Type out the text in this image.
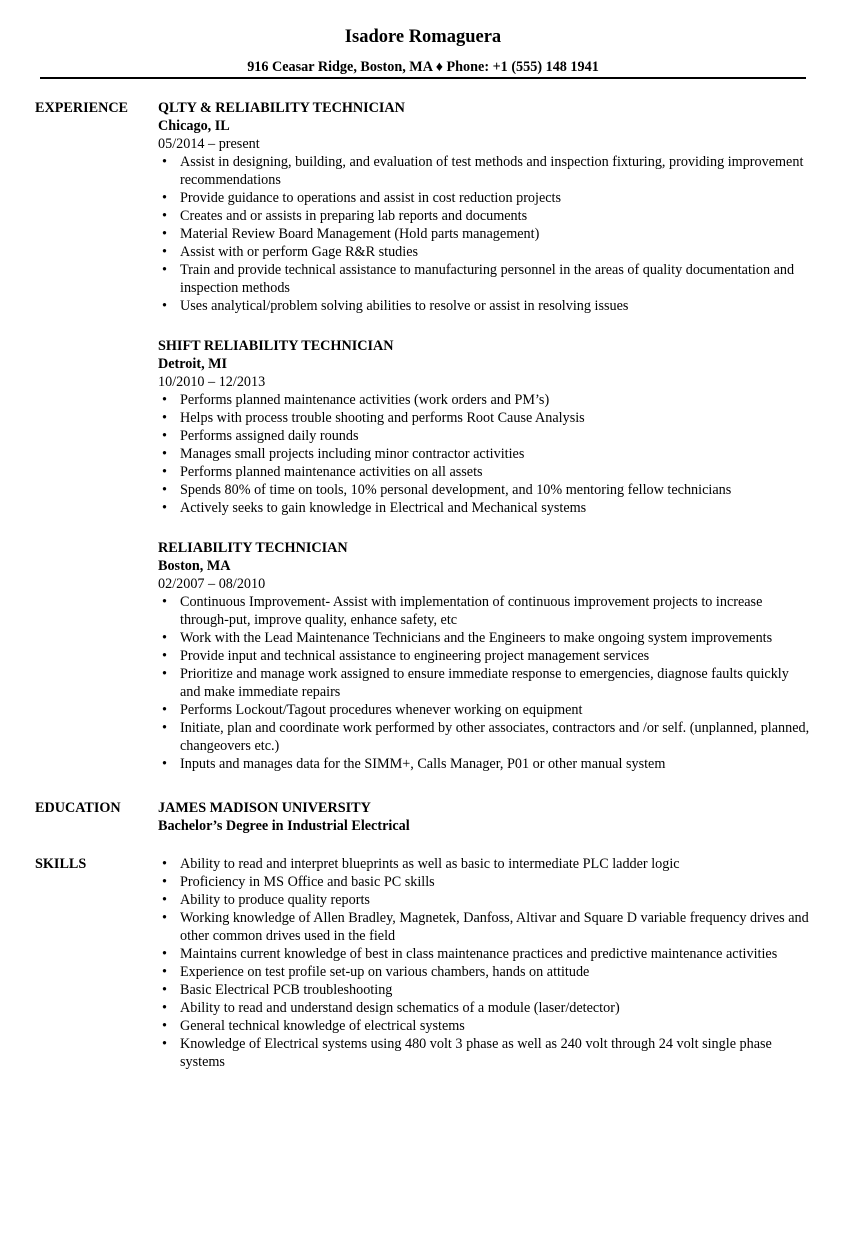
Isadore Romaguera
916 Ceasar Ridge, Boston, MA ♦ Phone: +1 (555) 148 1941
EXPERIENCE QLTY & RELIABILITY TECHNICIAN
Chicago, IL
05/2014 – present
• Assist in designing, building, and evaluation of test methods and inspection fixturing, providing improvement recommendations
• Provide guidance to operations and assist in cost reduction projects
• Creates and or assists in preparing lab reports and documents
• Material Review Board Management (Hold parts management)
• Assist with or perform Gage R&R studies
• Train and provide technical assistance to manufacturing personnel in the areas of quality documentation and inspection methods
• Uses analytical/problem solving abilities to resolve or assist in resolving issues
SHIFT RELIABILITY TECHNICIAN
Detroit, MI
10/2010 – 12/2013
• Performs planned maintenance activities (work orders and PM’s)
• Helps with process trouble shooting and performs Root Cause Analysis
• Performs assigned daily rounds
• Manages small projects including minor contractor activities
• Performs planned maintenance activities on all assets
• Spends 80% of time on tools, 10% personal development, and 10% mentoring fellow technicians
• Actively seeks to gain knowledge in Electrical and Mechanical systems
RELIABILITY TECHNICIAN
Boston, MA
02/2007 – 08/2010
• Continuous Improvement- Assist with implementation of continuous improvement projects to increase through-put, improve quality, enhance safety, etc
• Work with the Lead Maintenance Technicians and the Engineers to make ongoing system improvements
• Provide input and technical assistance to engineering project management services
• Prioritize and manage work assigned to ensure immediate response to emergencies, diagnose faults quickly and make immediate repairs
• Performs Lockout/Tagout procedures whenever working on equipment
• Initiate, plan and coordinate work performed by other associates, contractors and /or self. (unplanned, planned, changeovers etc.)
• Inputs and manages data for the SIMM+, Calls Manager, P01 or other manual system
EDUCATION	JAMES MADISON UNIVERSITY
Bachelor’s Degree in Industrial Electrical
SKILLS	• Ability to read and interpret blueprints as well as basic to intermediate PLC ladder logic
• Proficiency in MS Office and basic PC skills
• Ability to produce quality reports
• Working knowledge of Allen Bradley, Magnetek, Danfoss, Altivar and Square D variable frequency drives and other common drives used in the field
• Maintains current knowledge of best in class maintenance practices and predictive maintenance activities
• Experience on test profile set-up on various chambers, hands on attitude
• Basic Electrical PCB troubleshooting
• Ability to read and understand design schematics of a module (laser/detector)
• General technical knowledge of electrical systems
• Knowledge of Electrical systems using 480 volt 3 phase as well as 240 volt through 24 volt single phase systems
